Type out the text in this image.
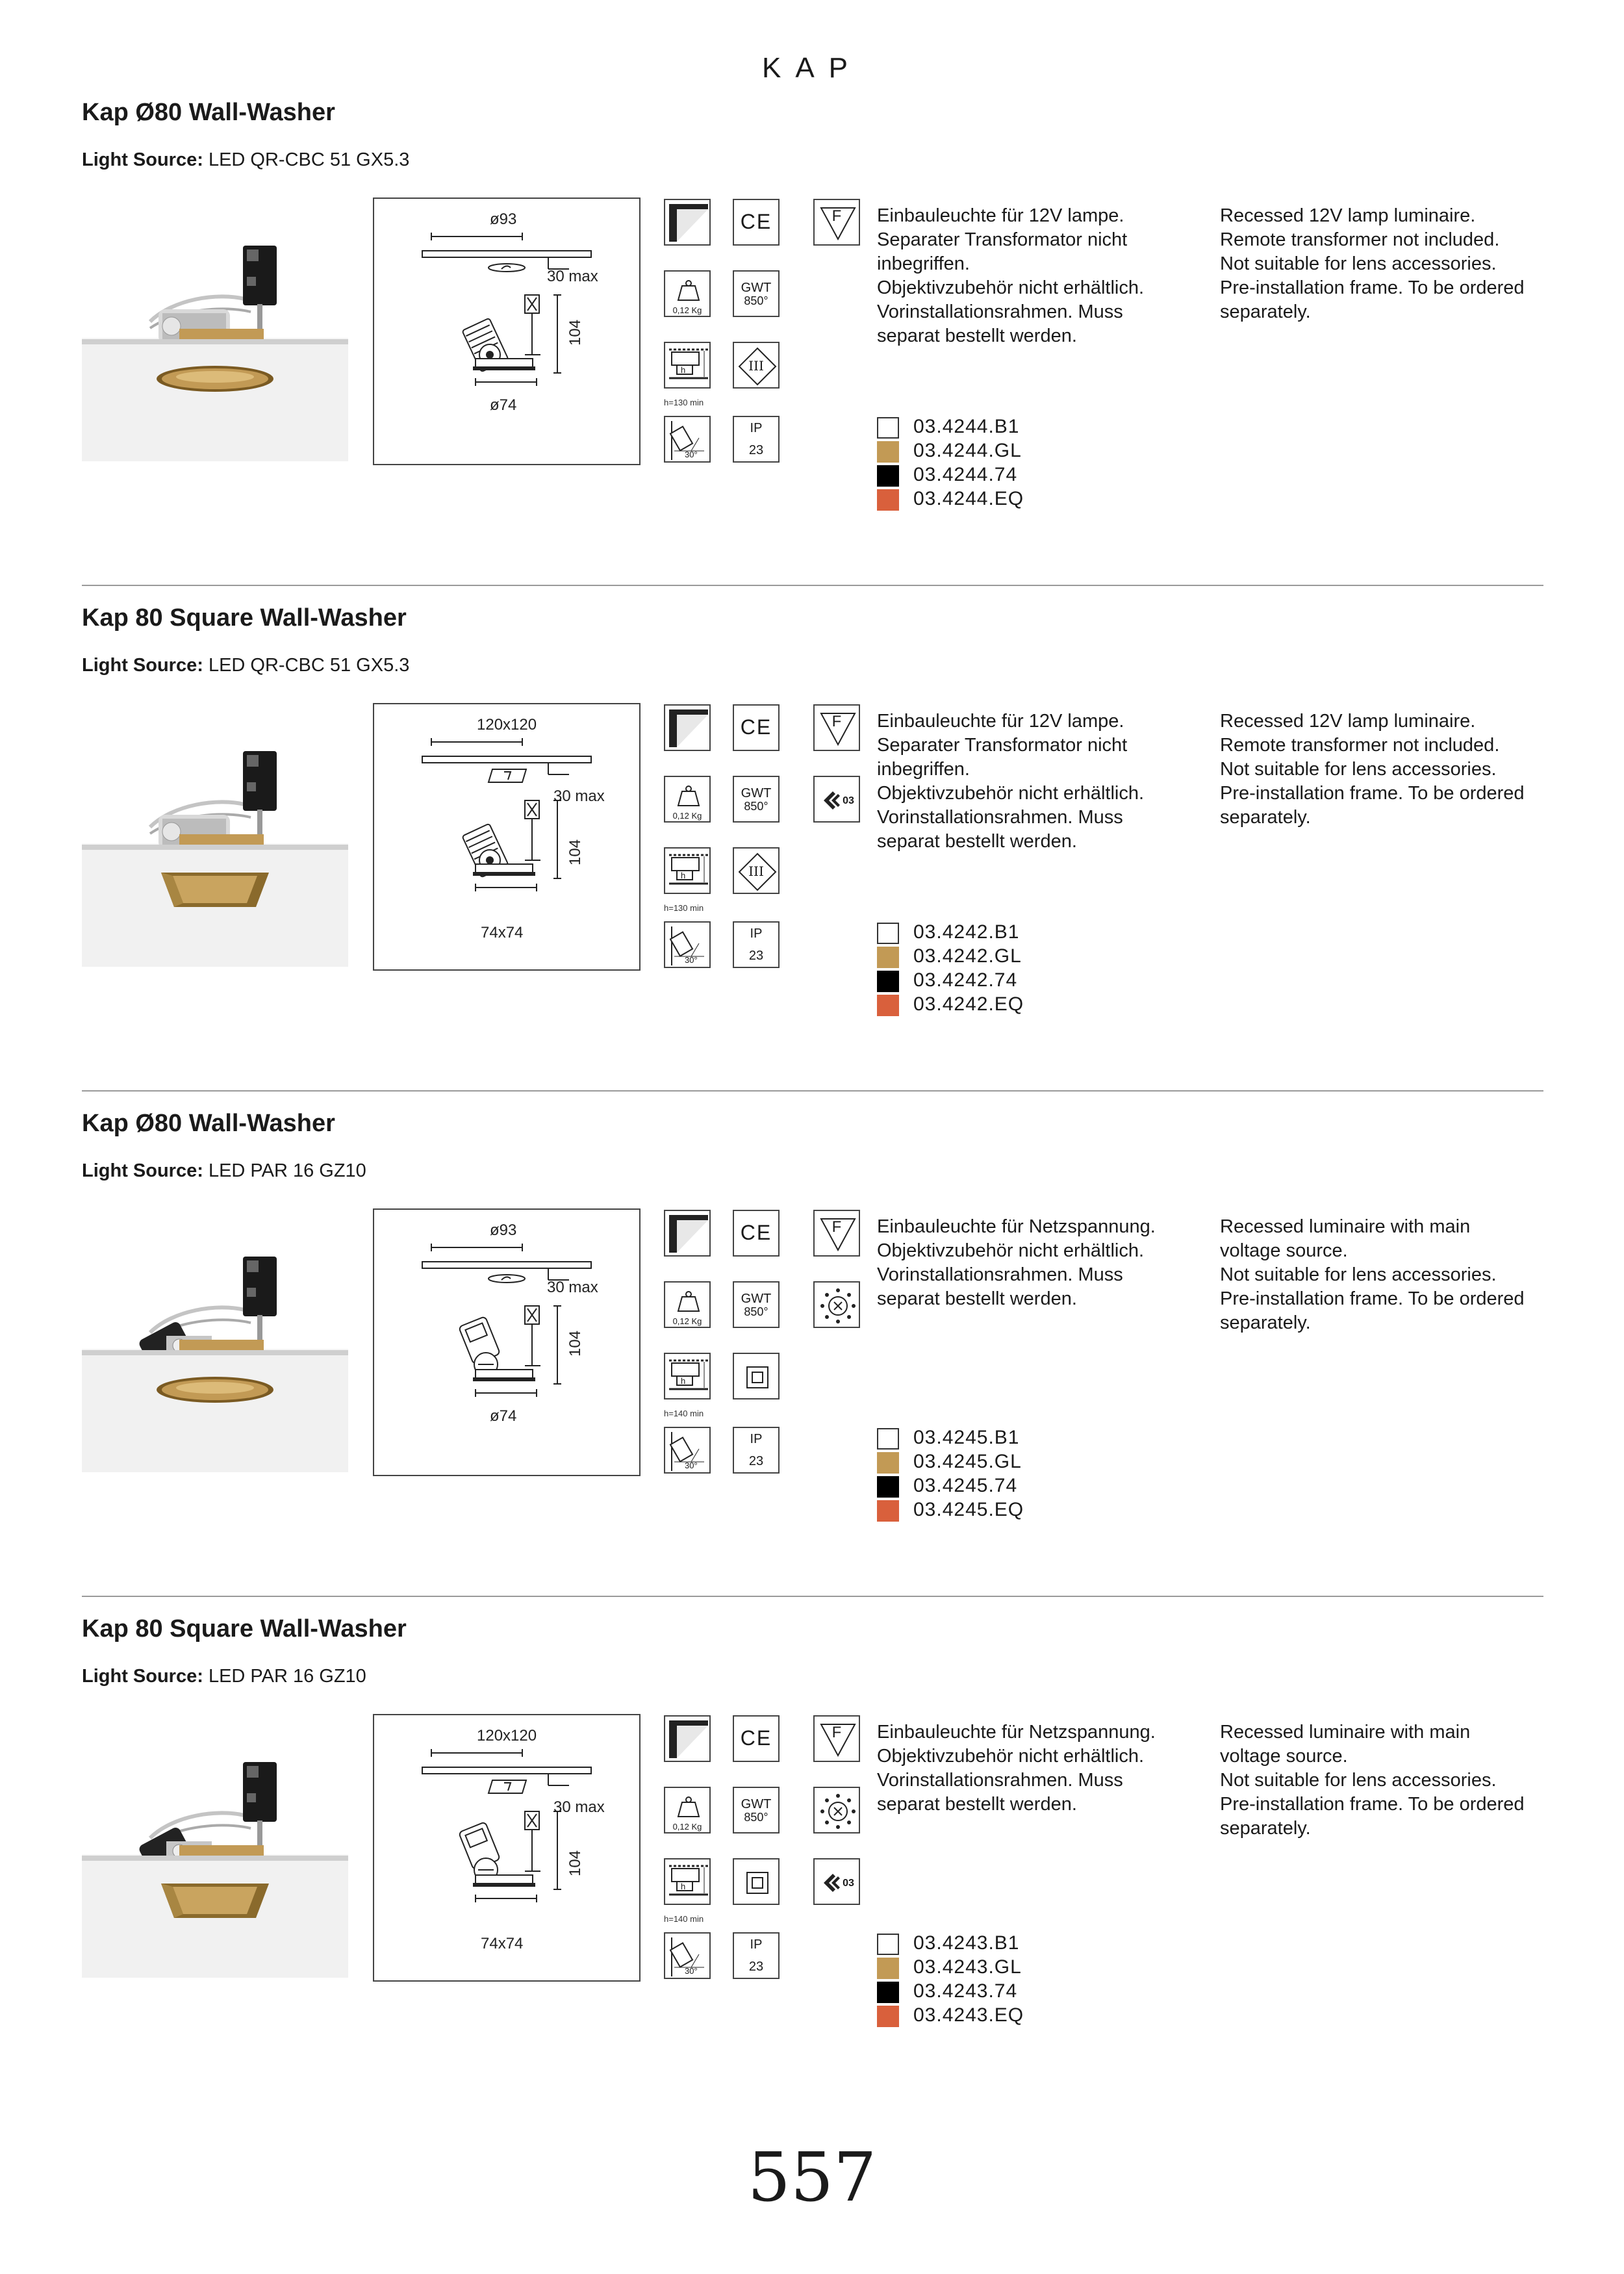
KAP
Kap Ø80 Wall-Washer
Light Source: LED QR-CBC 51 GX5.3
ø93
30 max
104
ø74
0,12 Kg
h
h=130 min
30°
CE
GWT
850°
III
IP
23
F	Einbauleuchte für 12V lampe.
Separater Transformator nicht
inbegriffen.
Objektivzubehör nicht erhältlich.
Vorinstallationsrahmen. Muss
separat bestellt werden.
Recessed 12V lamp luminaire.
Remote transformer not included.
Not suitable for lens accessories.
Pre-installation frame. To be ordered
separately.
03.4244.B1
03.4244.GL
03.4244.74
03.4244.EQ
Kap 80 Square Wall-Washer
Light Source: LED QR-CBC 51 GX5.3
120x120
30 max
104
74x74
0,12 Kg
h
h=130 min
30°
CE
GWT
850°
III
IP
23
F
03
Einbauleuchte für 12V lampe.
Separater Transformator nicht
inbegriffen.
Objektivzubehör nicht erhältlich.
Vorinstallationsrahmen. Muss
separat bestellt werden.
Recessed 12V lamp luminaire.
Remote transformer not included.
Not suitable for lens accessories.
Pre-installation frame. To be ordered
separately.
03.4242.B1
03.4242.GL
03.4242.74
03.4242.EQ
Kap Ø80 Wall-Washer
Light Source: LED PAR 16 GZ10
ø93
30 max
104
ø74
0,12 Kg
h
h=140 min
30°
CE
GWT
850°
IP
23
F	Einbauleuchte für Netzspannung.
Objektivzubehör nicht erhältlich.
Vorinstallationsrahmen. Muss
separat bestellt werden.
Recessed luminaire with main
voltage source.
Not suitable for lens accessories.
Pre-installation frame. To be ordered
separately.
03.4245.B1
03.4245.GL
03.4245.74
03.4245.EQ
Kap 80 Square Wall-Washer
Light Source: LED PAR 16 GZ10
120x120
30 max
104
74x74
0,12 Kg
h
h=140 min
30°
CE
GWT
850°
IP
23
F
03
Einbauleuchte für Netzspannung.
Objektivzubehör nicht erhältlich.
Vorinstallationsrahmen. Muss
separat bestellt werden.
Recessed luminaire with main
voltage source.
Not suitable for lens accessories.
Pre-installation frame. To be ordered
separately.
03.4243.B1
03.4243.GL
03.4243.74
03.4243.EQ
557
